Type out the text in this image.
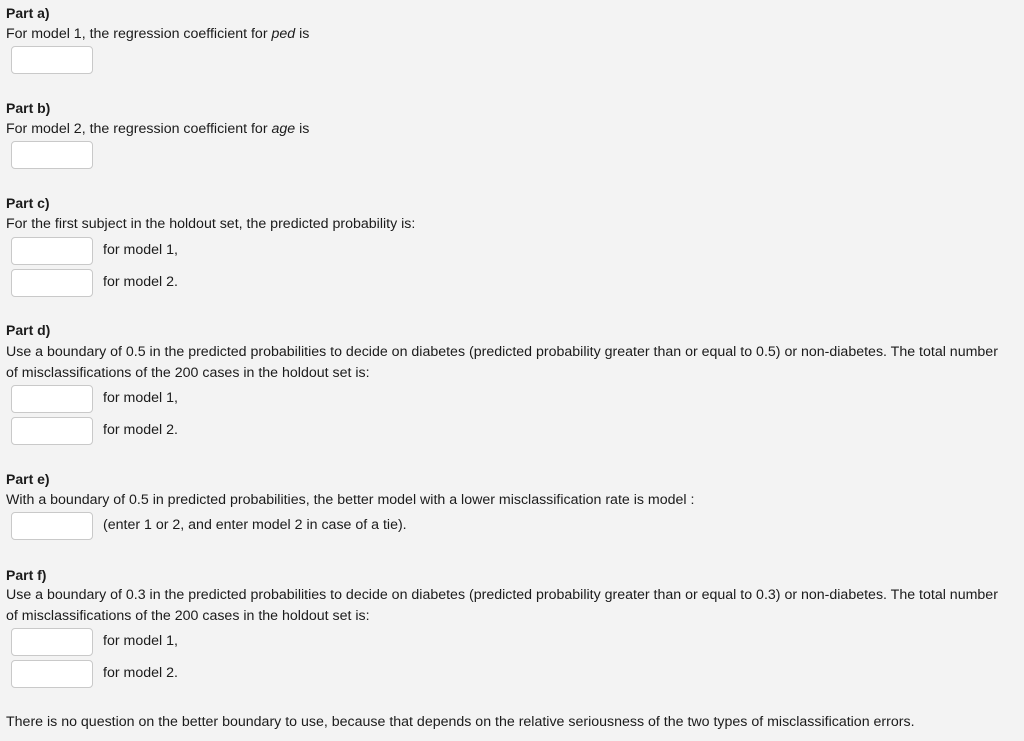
Part a)
For model 1, the regression coefficient for ped is
Part b)
For model 2, the regression coefficient for age is
Part c)
For the first subject in the holdout set, the predicted probability is:
for model 1,
for model 2.
Part d)
Use a boundary of 0.5 in the predicted probabilities to decide on diabetes (predicted probability greater than or equal to 0.5) or non-diabetes. The total number of misclassifications of the 200 cases in the holdout set is:
for model 1,
for model 2.
Part e)
With a boundary of 0.5 in predicted probabilities, the better model with a lower misclassification rate is model :
(enter 1 or 2, and enter model 2 in case of a tie).
Part f)
Use a boundary of 0.3 in the predicted probabilities to decide on diabetes (predicted probability greater than or equal to 0.3) or non-diabetes. The total number of misclassifications of the 200 cases in the holdout set is:
for model 1,
for model 2.
There is no question on the better boundary to use, because that depends on the relative seriousness of the two types of misclassification errors.
